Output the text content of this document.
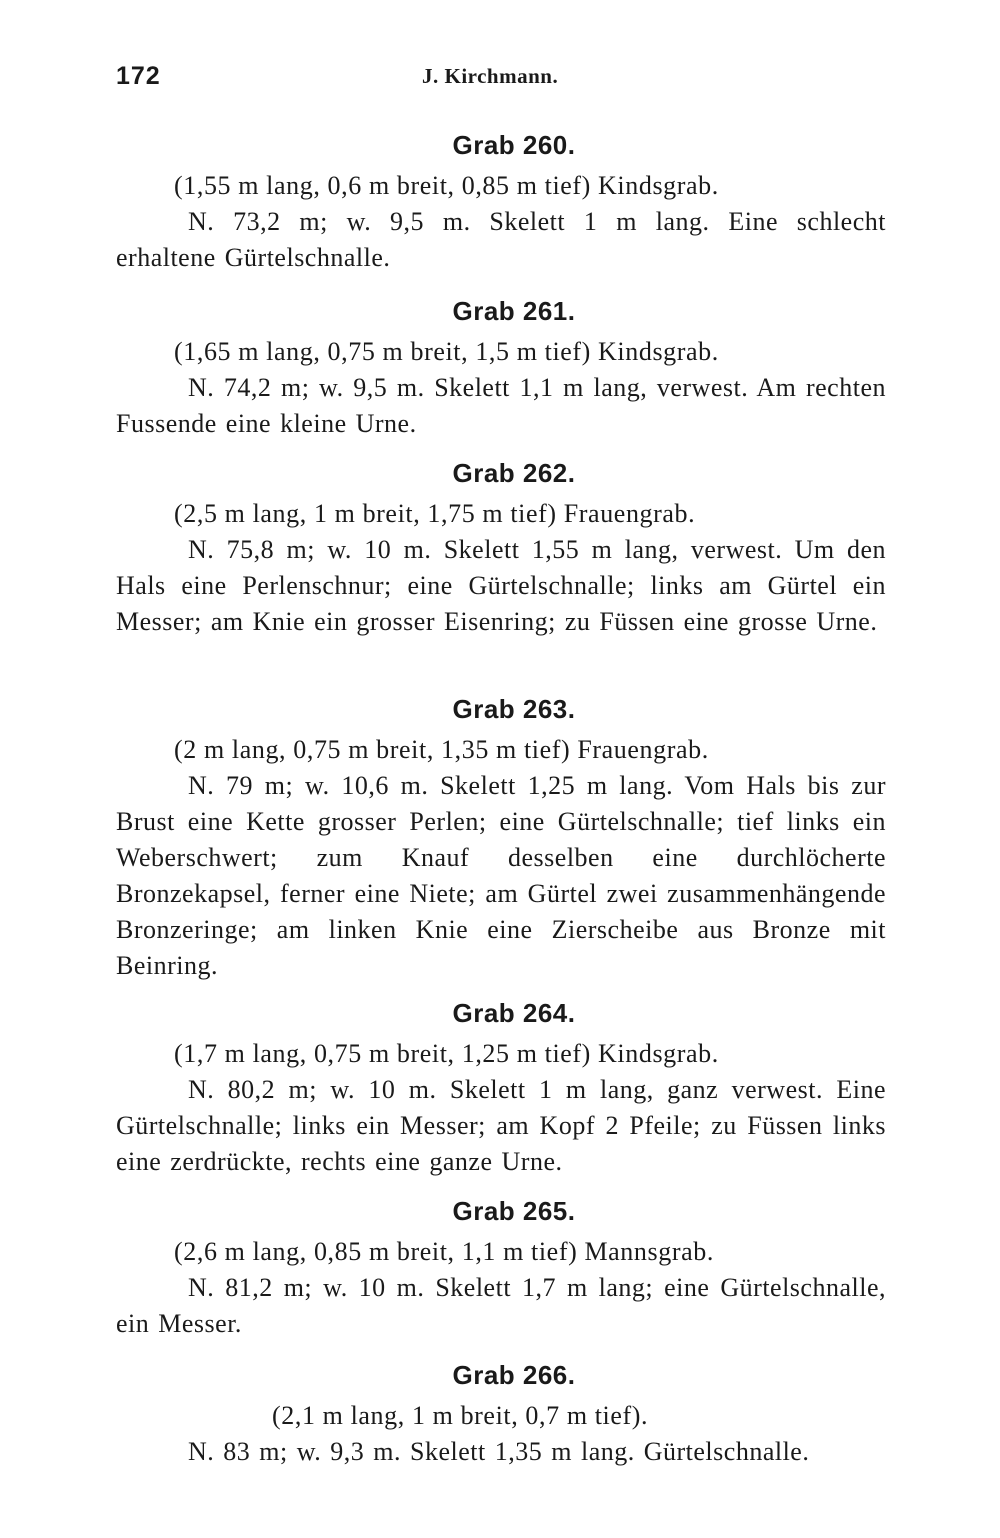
172	J. Kirchmann.
Grab 260.

(1,55 m lang, 0,6 m breit, 0,85 m tief) Kindsgrab.

N. 73,2 m; w. 9,5 m. Skelett 1 m lang. Eine schlecht erhaltene Gürtelschnalle.

Grab 261.

(1,65 m lang, 0,75 m breit, 1,5 m tief) Kindsgrab.

N. 74,2 m; w. 9,5 m. Skelett 1,1 m lang, verwest. Am rechten Fussende eine kleine Urne.

Grab 262.

(2,5 m lang, 1 m breit, 1,75 m tief) Frauengrab.

N. 75,8 m; w. 10 m. Skelett 1,55 m lang, verwest. Um den Hals eine Perlenschnur; eine Gürtelschnalle; links am Gürtel ein Messer; am Knie ein grosser Eisenring; zu Füssen eine grosse Urne.

Grab 263.

(2 m lang, 0,75 m breit, 1,35 m tief) Frauengrab.

N. 79 m; w. 10,6 m. Skelett 1,25 m lang. Vom Hals bis zur Brust eine Kette grosser Perlen; eine Gürtelschnalle; tief links ein Weberschwert; zum Knauf desselben eine durchlöcherte Bronzekapsel, ferner eine Niete; am Gürtel zwei zusammenhängende Bronzeringe; am linken Knie eine Zierscheibe aus Bronze mit Beinring.

Grab 264.

(1,7 m lang, 0,75 m breit, 1,25 m tief) Kindsgrab.

N. 80,2 m; w. 10 m. Skelett 1 m lang, ganz verwest. Eine Gürtelschnalle; links ein Messer; am Kopf 2 Pfeile; zu Füssen links eine zerdrückte, rechts eine ganze Urne.

Grab 265.

(2,6 m lang, 0,85 m breit, 1,1 m tief) Mannsgrab.

N. 81,2 m; w. 10 m. Skelett 1,7 m lang; eine Gürtelschnalle, ein Messer.

Grab 266.

(2,1 m lang, 1 m breit, 0,7 m tief).

N. 83 m; w. 9,3 m. Skelett 1,35 m lang. Gürtelschnalle.
